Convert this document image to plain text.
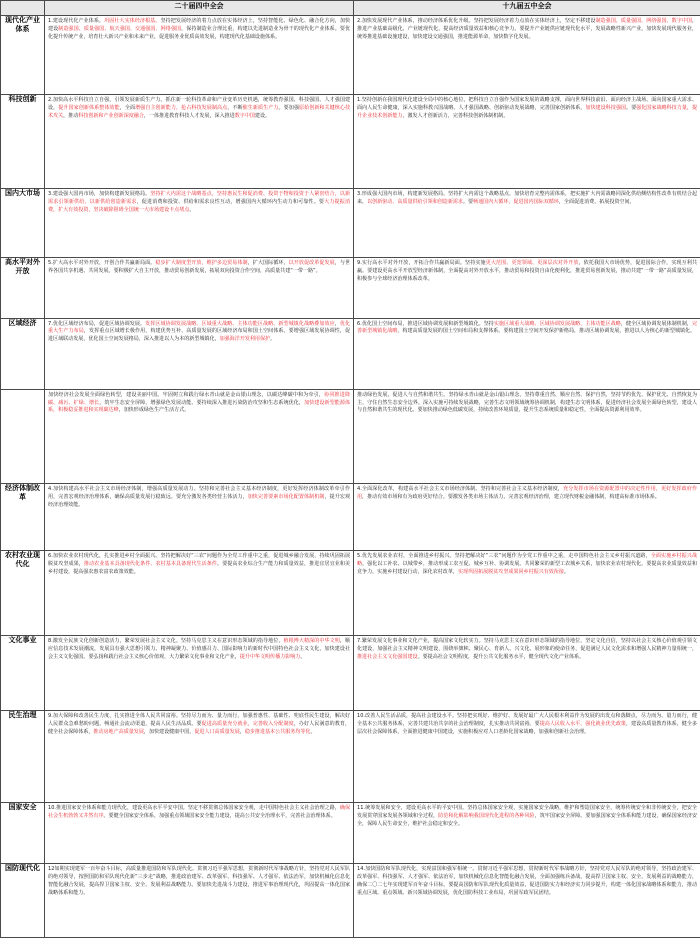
	二十届四中全会	十九届五中全会
现代化产业体系	1.建设现代化产业体系，巩固壮大实体经济根基。坚持把发展经济的着力点放在实体经济上，坚持智能化、绿色化、融合化方向，加快建设制造强国、质量强国、航天强国、交通强国、网络强国，保持制造业合理比重，构建以先进制造业为骨干的现代化产业体系。要优化提升传统产业，培育壮大新兴产业和未来产业，促进服务业优质高效发展，构建现代化基础设施体系。	2.加快发展现代产业体系，推动经济体系优化升级。坚持把发展经济着力点放在实体经济上，坚定不移建设制造强国、质量强国、网络强国、数字中国，推进产业基础高级化、产业链现代化，提高经济质量效益和核心竞争力。要提升产业链供应链现代化水平，发展战略性新兴产业，加快发展现代服务业，统筹推进基础设施建设，加快建设交通强国，推进能源革命，加快数字化发展。
科技创新	2.加快高水平科技自立自强，引领发展新质生产力。抓住新一轮科技革命和产业变革历史机遇，统筹教育强国、科技强国、人才强国建设，提升国家创新体系整体效能，全面增强自主创新能力，抢占科技发展制高点，不断催生新质生产力。要加强原始创新和关键核心技术攻关，推动科技创新和产业创新深度融合，一体推进教育科技人才发展，深入推进数字中国建设。	1.坚持创新在我国现代化建设全局中的核心地位，把科技自立自强作为国家发展的战略支撑，面向世界科技前沿、面向经济主战场、面向国家重大需求、面向人民生命健康，深入实施科教兴国战略、人才强国战略、创新驱动发展战略，完善国家创新体系，加快建设科技强国。要强化国家战略科技力量，提升企业技术创新能力，激发人才创新活力，完善科技创新体制机制。
国内大市场	3.建设强大国内市场，加快构建新发展格局。坚持扩大内需这个战略基点，坚持惠民生和促消费、投资于物和投资于人紧密结合，以新需求引领新供给，以新供给创造新需求，促进消费和投资、供给和需求良性互动，增强国内大循环内生动力和可靠性。要大力提振消费，扩大有效投资，坚决破除阻碍全国统一大市场建设卡点堵点。	3.形成强大国内市场，构建新发展格局。坚持扩大内需这个战略基点，加快培育完整内需体系，把实施扩大内需战略同深化供给侧结构性改革有机结合起来，以创新驱动、高质量供给引领和创造新需求。要畅通国内大循环，促进国内国际双循环，全面促进消费，拓展投资空间。
高水平对外开放	5.扩大高水平对外开放，开创合作共赢新局面。稳步扩大制度型开放，维护多边贸易体制，扩大国际循环，以开放促改革促发展，与世界各国共享机遇、共同发展。要积极扩大自主开放，推动贸易创新发展，拓展双向投资合作空间，高质量共建“一带一路”。	9.实行高水平对外开放，开拓合作共赢新局面。坚持实施更大范围、更宽领域、更深层次对外开放，依托我国大市场优势，促进国际合作，实现互利共赢。要建设更高水平开放型经济新体制，全面提高对外开放水平，推动贸易和投资自由化便利化，推进贸易创新发展，推动共建“一带一路”高质量发展，积极参与全球经济治理体系改革。
区域经济	7.优化区域经济布局，促进区域协调发展。发挥区域协调发展战略、区域重大战略、主体功能区战略、新型城镇化战略叠加效应，优化重大生产力布局，发挥重点区域增长极作用，构建优势互补、高质量发展的区域经济布局和国土空间体系。要增强区域发展协调性，促进区域联动发展，优化国土空间发展格局，深入推进以人为本的新型城镇化，加强海洋开发利用保护。	6.优化国土空间布局，推进区域协调发展和新型城镇化。坚持实施区域重大战略、区域协调发展战略、主体功能区战略，健全区域协调发展体制机制，完善新型城镇化战略，构建高质量发展的国土空间布局和支撑体系。要构建国土空间开发保护新格局，推动区域协调发展，推进以人为核心的新型城镇化。
	加快经济社会发展全面绿色转型，建设美丽中国。牢固树立和践行绿水青山就是金山银山理念，以碳达峰碳中和为牵引，协同推进降碳、减污、扩绿、增长，筑牢生态安全屏障，增强绿色发展动能。要持续深入推进污染防治攻坚和生态系统优化，加快建设新型能源体系，积极稳妥推进和实现碳达峰，加快形成绿色生产生活方式。	推动绿色发展，促进人与自然和谐共生。坚持绿水青山就是金山银山理念，坚持尊重自然、顺应自然、保护自然，坚持节约优先、保护优先、自然恢复为主，守住自然生态安全边界。深入实施可持续发展战略，完善生态文明领域统筹协调机制，构建生态文明体系，促进经济社会发展全面绿色转型，建设人与自然和谐共生的现代化。要加快推动绿色低碳发展，持续改善环境质量，提升生态系统质量和稳定性，全面提高资源利用效率。
经济体制改革	4.加快构建高水平社会主义市场经济体制，增强高质量发展动力。坚持和完善社会主义基本经济制度，更好发挥经济体制改革牵引作用，完善宏观经济治理体系，确保高质量发展行稳致远。要充分激发各类经营主体活力，加快完善要素市场化配置体制机制，提升宏观经济治理效能。	4.全面深化改革，构建高水平社会主义市场经济体制。坚持和完善社会主义基本经济制度，充分发挥市场在资源配置中的决定性作用，更好发挥政府作用，推动有效市场和有为政府更好结合。要激发各类市场主体活力，完善宏观经济治理，建立现代财税金融体制，构建高标准市场体系。
农村农业现代化	6.加快农业农村现代化，扎实推进乡村全面振兴。坚持把解决好“三农”问题作为全党工作重中之重，促进城乡融合发展，持续巩固拓展脱贫攻坚成果，推动农业基本具备现代化条件、农村基本具备现代生活条件。要提高农业综合生产能力和质量效益，推进宜居宜业和美乡村建设，提高强农惠农富农政策效能。	5.优先发展农业农村，全面推进乡村振兴。坚持把解决好“三农”问题作为全党工作重中之重，走中国特色社会主义乡村振兴道路，全面实施乡村振兴战略，强化以工补农、以城带乡，推动形成工农互促、城乡互补、协调发展、共同繁荣的新型工农城乡关系，加快农业农村现代化。要提高农业质量效益和竞争力，实施乡村建设行动，深化农村改革，实现巩固拓展脱贫攻坚成果同乡村振兴有效衔接。
文化事业	8.激发全民族文化创新创造活力，繁荣发展社会主义文化。坚持马克思主义在意识形态领域的指导地位，植根博大精深的中华文明，顺应信息技术发展潮流，发展具有强大思想引领力、精神凝聚力、价值感召力、国际影响力的新时代中国特色社会主义文化，加快建设社会主义文化强国。要弘扬和践行社会主义核心价值观，大力繁荣文化事业和文化产业，提升中华文明传播力影响力。	7.繁荣发展文化事业和文化产业，提高国家文化软实力。坚持马克思主义在意识形态领域的指导地位，坚定文化自信，坚持以社会主义核心价值观引领文化建设，加强社会主义精神文明建设，围绕举旗帜、聚民心、育新人、兴文化、展形象的使命任务，促进满足人民文化需求和增强人民精神力量相统一，推进社会主义文化强国建设。要提高社会文明程度，提升公共文化服务水平，健全现代文化产业体系。
民生治理	9.加大保障和改善民生力度，扎实推进全体人民共同富裕。坚持尽力而为、量力而行，加强普惠性、基础性、兜底性民生建设，解决好人民群众急难愁盼问题，畅通社会流动渠道，提高人民生活品质。要促进高质量充分就业，完善收入分配制度，办好人民满意的教育，健全社会保障体系，推动房地产高质量发展，加快建设健康中国，促进人口高质量发展，稳步推进基本公共服务均等化。	10.改善人民生活品质，提高社会建设水平。坚持把实现好、维护好、发展好最广大人民根本利益作为发展的出发点和落脚点，尽力而为、量力而行，健全基本公共服务体系，完善共建共治共享的社会治理制度，扎实推动共同富裕。要提高人民收入水平，强化就业优先政策，建设高质量教育体系，健全多层次社会保障体系，全面推进健康中国建设，实施积极应对人口老龄化国家战略，加强和创新社会治理。
国家安全	10.推进国家安全体系和能力现代化，建设更高水平平安中国。坚定不移贯彻总体国家安全观，走中国特色社会主义社会治理之路，确保社会生机勃勃又井然有序。要健全国家安全体系，加强重点领域国家安全能力建设，提高公共安全治理水平，完善社会治理体系。	11.统筹发展和安全，建设更高水平的平安中国。坚持总体国家安全观，实施国家安全战略，维护和塑造国家安全，统筹传统安全和非传统安全，把安全发展贯穿国家发展各领域和全过程，防范和化解影响我国现代化进程的各种风险，筑牢国家安全屏障。要加强国家安全体系和能力建设，确保国家经济安全，保障人民生命安全，维护社会稳定和安全。
国防现代化	12如期实现建军一百年奋斗目标，高质量推进国防和军队现代化。贯彻习近平强军思想，贯彻新时代军事战略方针，坚持党对人民军队的绝对领导，按照国防和军队现代化新“三步走”战略，推进政治建军、改革强军、科技强军、人才强军、依法治军，加快机械化信息化智能化融合发展，提高捍卫国家主权、安全、发展利益战略能力。要加快先进战斗力建设，推进军事治理现代化，巩固提高一体化国家战略体系和能力。	14.加快国防和军队现代化，实现富国和强军相统一。贯彻习近平强军思想，贯彻新时代军事战略方针，坚持党对人民军队的绝对领导，坚持政治建军、改革强军、科技强军、人才强军、依法治军，加快机械化信息化智能化融合发展，全面加强练兵备战，提高捍卫国家主权、安全、发展利益的战略能力，确保二〇二七年实现建军百年奋斗目标。要提高国防和军队现代化质量效益，促进国防实力和经济实力同步提升，构建一体化国家战略体系和能力，推动重点区域、重点领域、新兴领域协调发展，优化国防科技工业布局，巩固军政军民团结。
